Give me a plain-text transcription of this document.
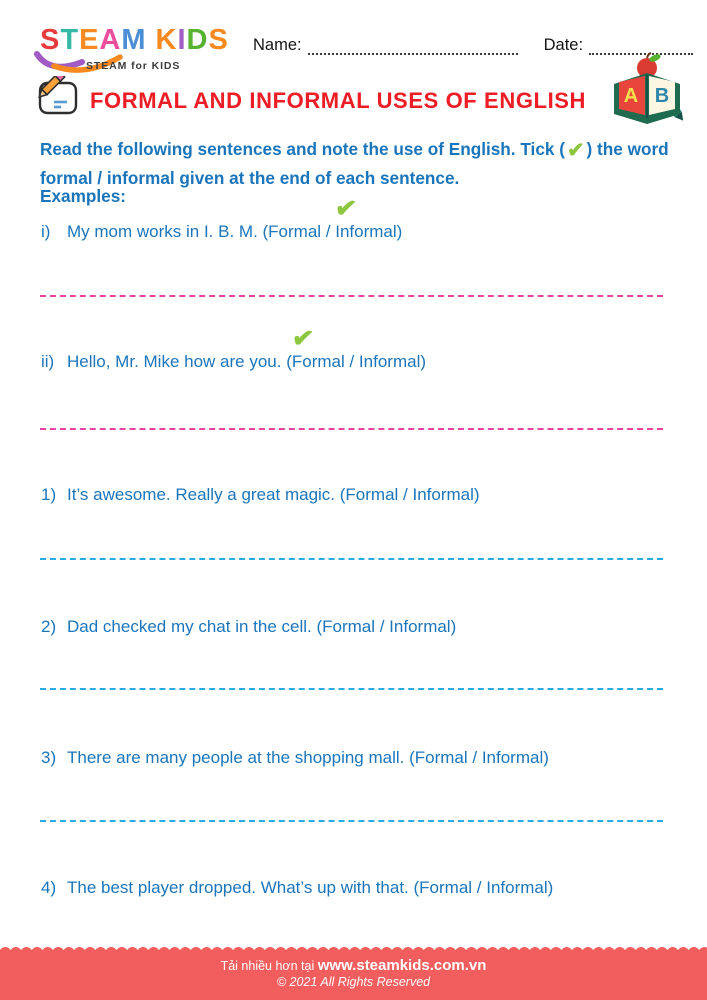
STEAM KIDS
STEAM for KIDS
Name:	Date:
FORMAL AND INFORMAL USES OF ENGLISH A B
Read the following sentences and note the use of English. Tick (✔ ) the word formal / informal given at the end of each sentence.
Examples:
i) My mom works in I. B. M. (Formal /
✔
Informal)
ii) Hello, Mr. Mike how are you. (
✔
Formal / Informal)
1) It’s awesome. Really a great magic. (Formal / Informal)
2) Dad checked my chat in the cell. (Formal / Informal)
3) There are many people at the shopping mall. (Formal / Informal)
4) The best player dropped. What’s up with that. (Formal / Informal)
Tải nhiều hơn tại www.steamkids.com.vn
© 2021 All Rights Reserved
